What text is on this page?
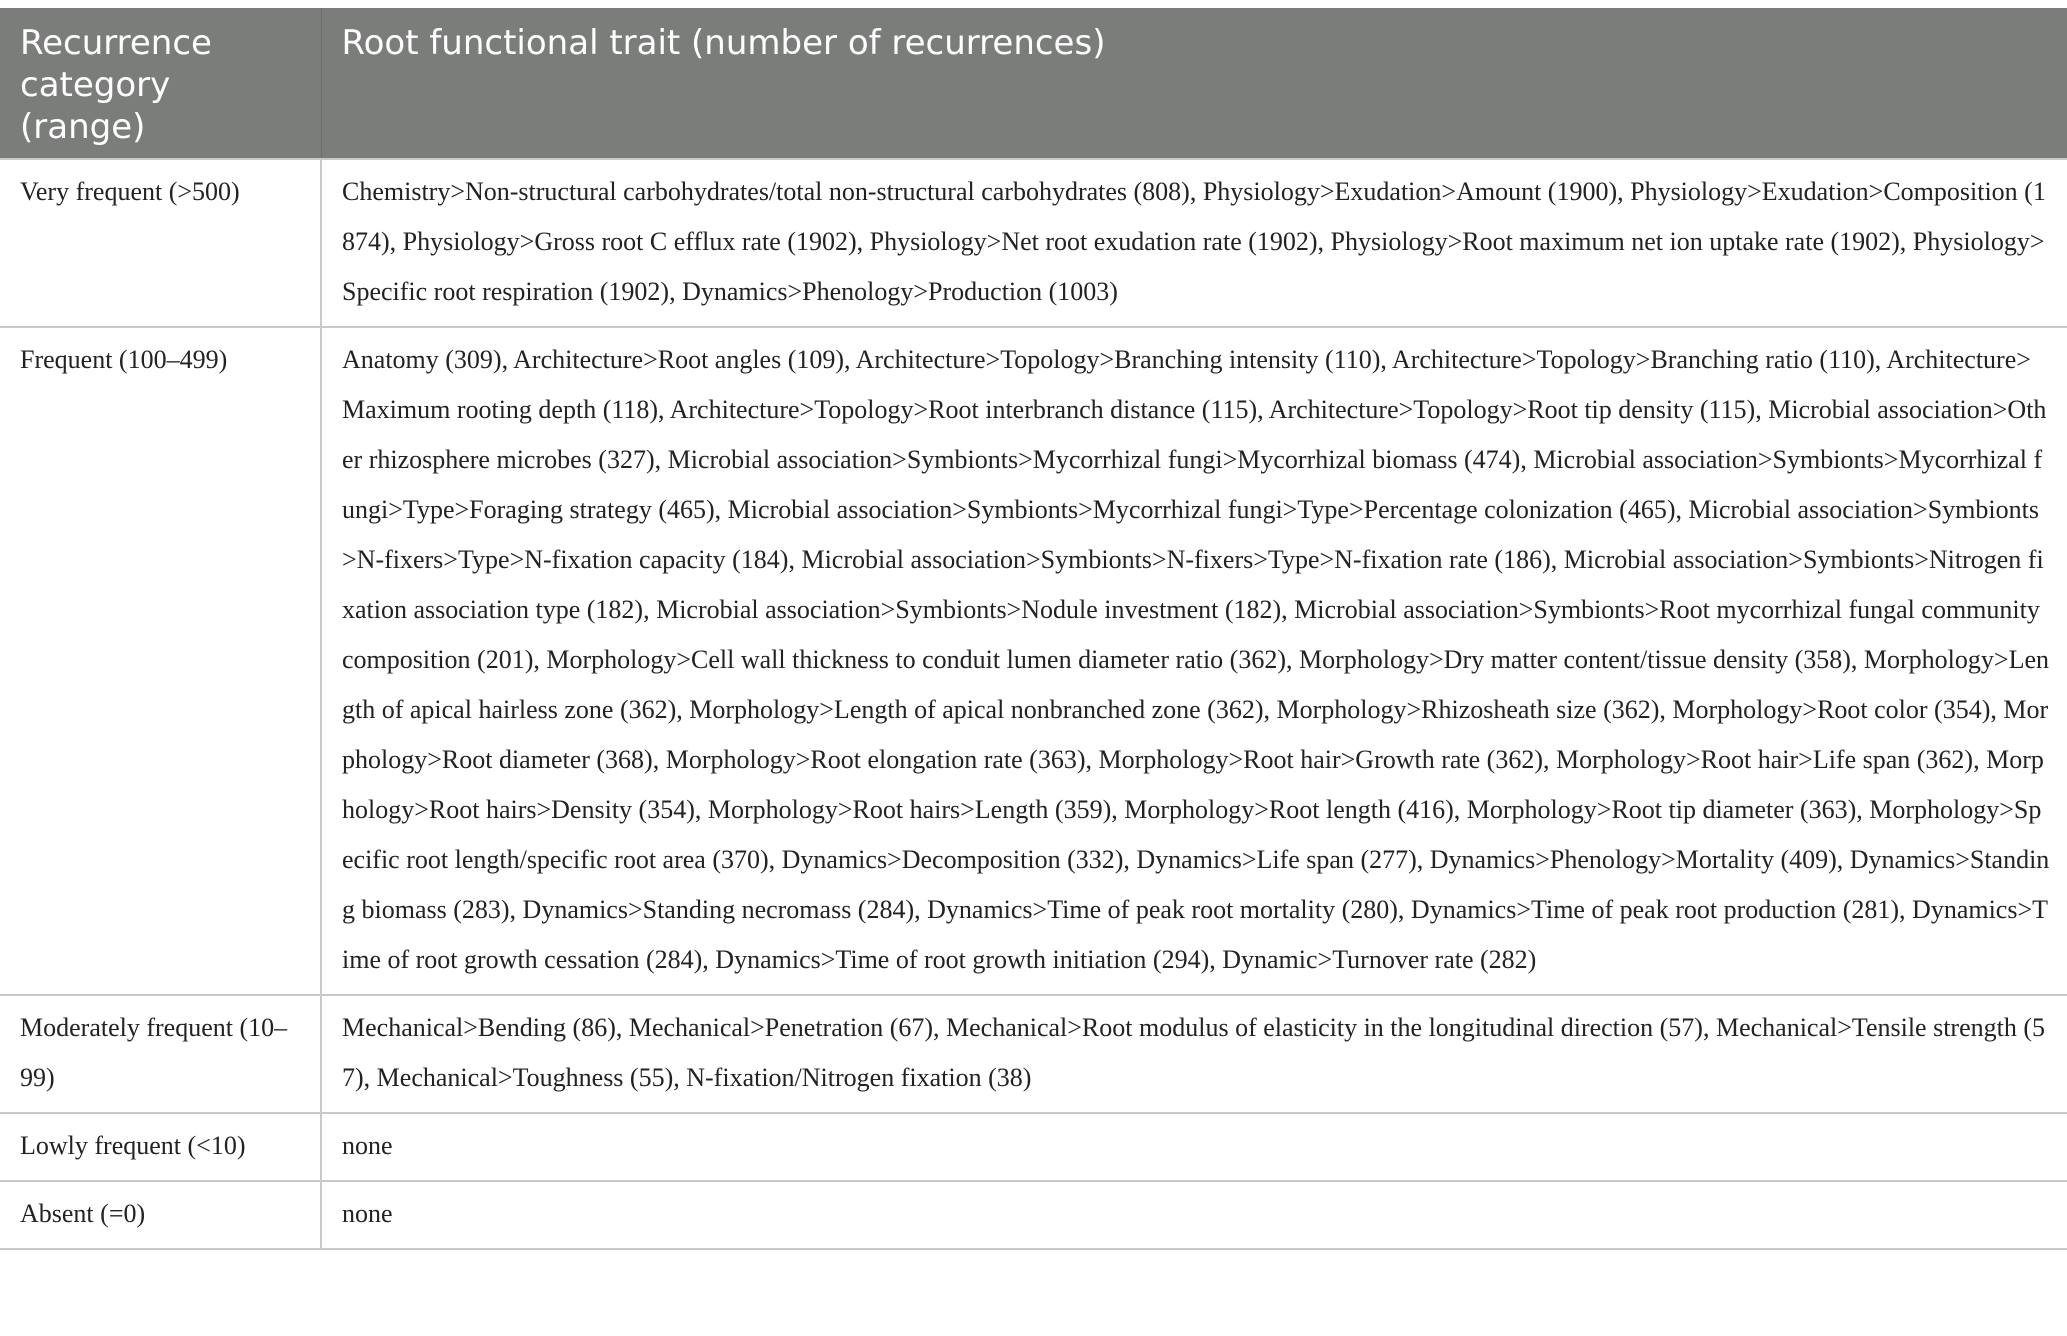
Recurrence category (range)	Root functional trait (number of recurrences)
Very frequent (>500)	Chemistry>Non-structural carbohydrates/total non-structural carbohydrates (808), Physiology>Exudation>Amount (1900), Physiology>Exudation>Composition (1874), Physiology>Gross root C efflux rate (1902), Physiology>Net root exudation rate (1902), Physiology>Root maximum net ion uptake rate (1902), Physiology>Specific root respiration (1902), Dynamics>Phenology>Production (1003)
Frequent (100–499)	Anatomy (309), Architecture>Root angles (109), Architecture>Topology>Branching intensity (110), Architecture>Topology>Branching ratio (110), Architecture>Maximum rooting depth (118), Architecture>Topology>Root interbranch distance (115), Architecture>Topology>Root tip density (115), Microbial association>Other rhizosphere microbes (327), Microbial association>Symbionts>Mycorrhizal fungi>Mycorrhizal biomass (474), Microbial association>Symbionts>Mycorrhizal fungi>Type>Foraging strategy (465), Microbial association>Symbionts>Mycorrhizal fungi>Type>Percentage colonization (465), Microbial association>Symbionts>N-fixers>Type>N-fixation capacity (184), Microbial association>Symbionts>N-fixers>Type>N-fixation rate (186), Microbial association>Symbionts>Nitrogen fixation association type (182), Microbial association>Symbionts>Nodule investment (182), Microbial association>Symbionts>Root mycorrhizal fungal community composition (201), Morphology>Cell wall thickness to conduit lumen diameter ratio (362), Morphology>Dry matter content/tissue density (358), Morphology>Length of apical hairless zone (362), Morphology>Length of apical nonbranched zone (362), Morphology>Rhizosheath size (362), Morphology>Root color (354), Morphology>Root diameter (368), Morphology>Root elongation rate (363), Morphology>Root hair>Growth rate (362), Morphology>Root hair>Life span (362), Morphology>Root hairs>Density (354), Morphology>Root hairs>Length (359), Morphology>Root length (416), Morphology>Root tip diameter (363), Morphology>Specific root length/specific root area (370), Dynamics>Decomposition (332), Dynamics>Life span (277), Dynamics>Phenology>Mortality (409), Dynamics>Standing biomass (283), Dynamics>Standing necromass (284), Dynamics>Time of peak root mortality (280), Dynamics>Time of peak root production (281), Dynamics>Time of root growth cessation (284), Dynamics>Time of root growth initiation (294), Dynamic>Turnover rate (282)
Moderately frequent (10–99)	Mechanical>Bending (86), Mechanical>Penetration (67), Mechanical>Root modulus of elasticity in the longitudinal direction (57), Mechanical>Tensile strength (57), Mechanical>Toughness (55), N-fixation/Nitrogen fixation (38)
Lowly frequent (<10)	none
Absent (=0)	none
